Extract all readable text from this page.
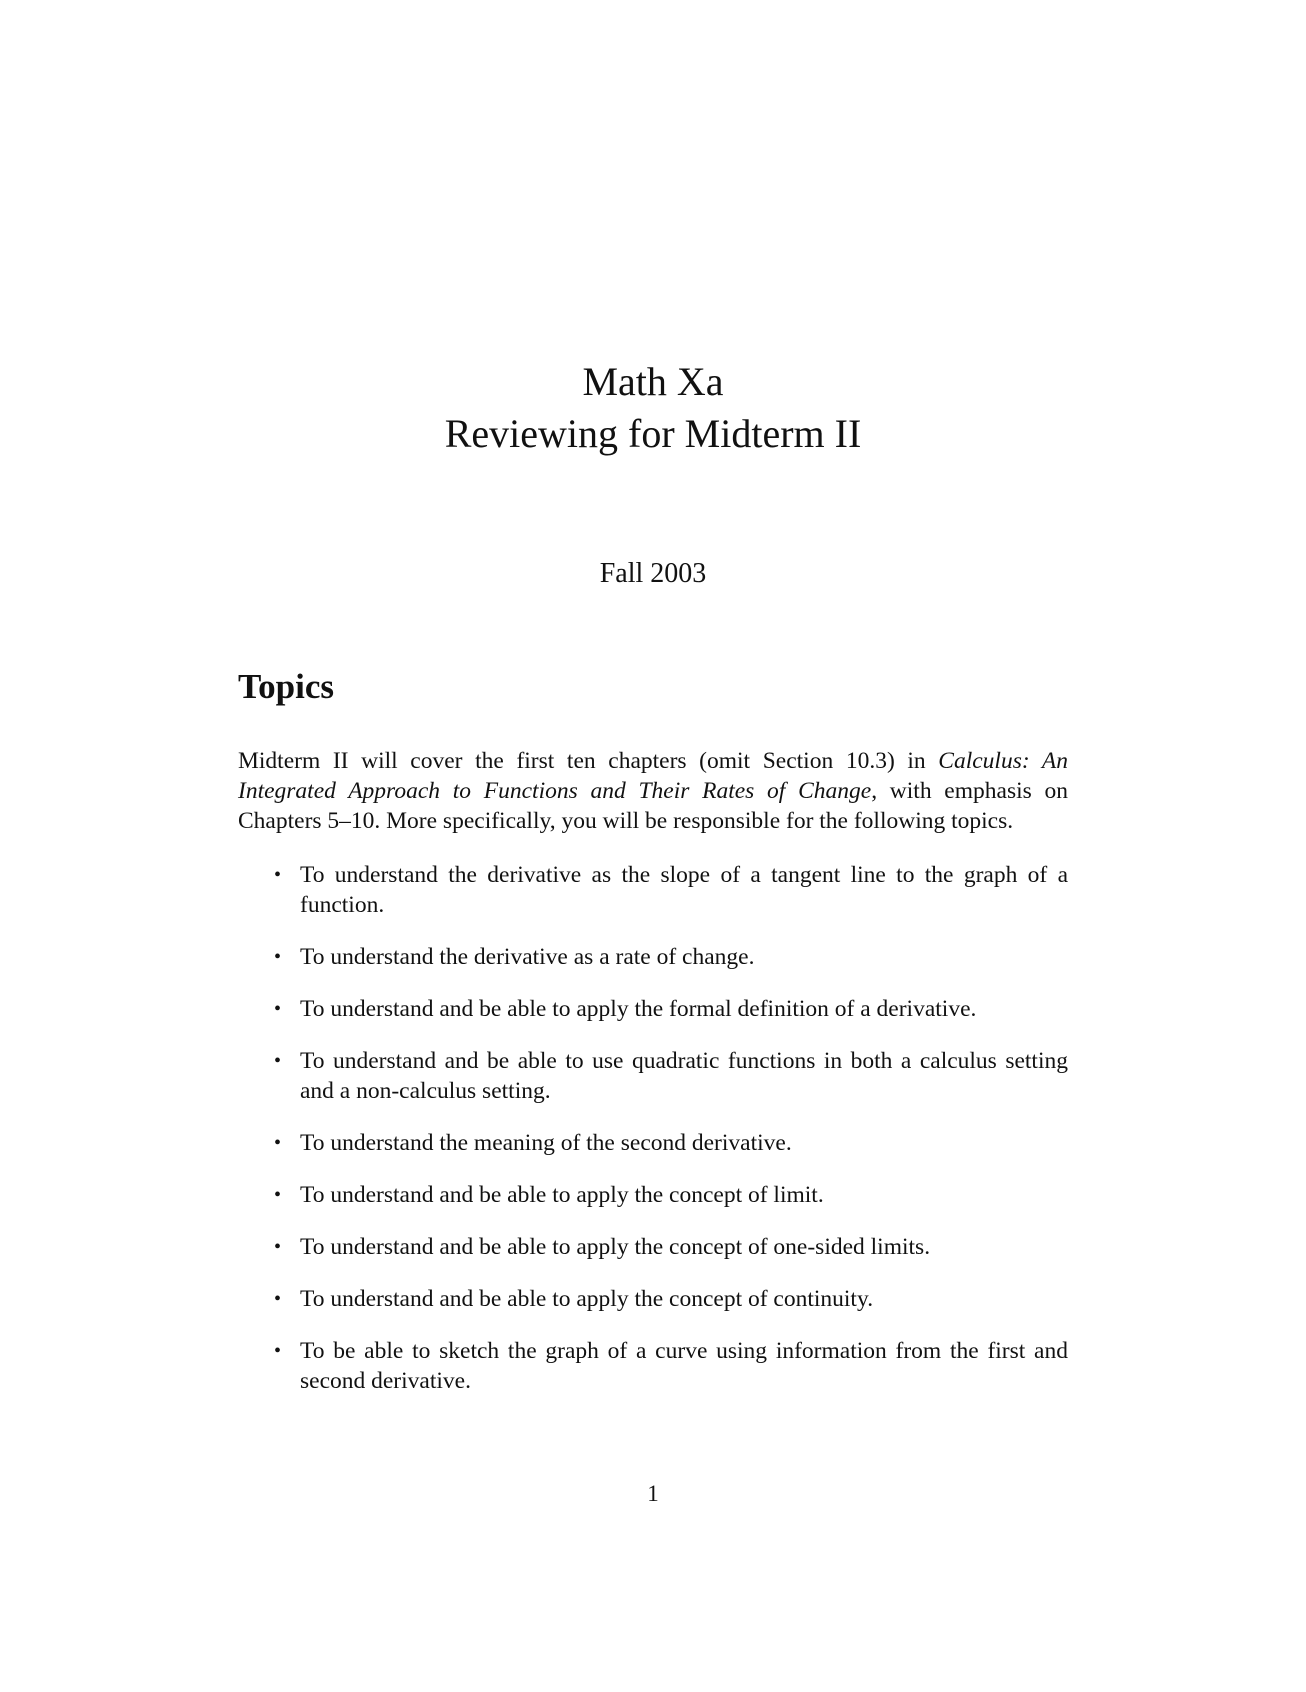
Math Xa

Reviewing for Midterm II

Fall 2003
Topics

Midterm II will cover the first ten chapters (omit Section 10.3) in Calculus: An Integrated Approach to Functions and Their Rates of Change, with emphasis on Chapters 5–10. More specifically, you will be responsible for the following topics.

• To understand the derivative as the slope of a tangent line to the graph of a function.
• To understand the derivative as a rate of change.
• To understand and be able to apply the formal definition of a derivative.
• To understand and be able to use quadratic functions in both a calculus setting and a non-calculus setting.
• To understand the meaning of the second derivative.
• To understand and be able to apply the concept of limit.
• To understand and be able to apply the concept of one-sided limits.
• To understand and be able to apply the concept of continuity.
• To be able to sketch the graph of a curve using information from the first and second derivative.
1
